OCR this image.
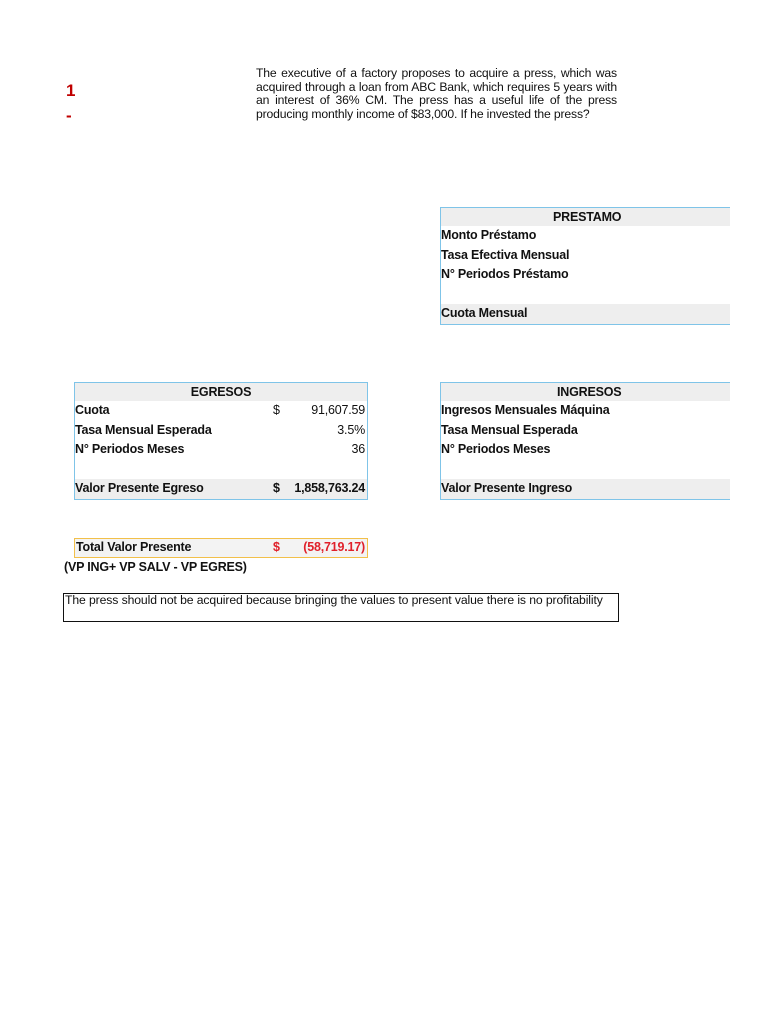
1
-
The executive of a factory proposes to acquire a press, which was acquired through a loan from ABC Bank, which requires 5 years with an interest of 36% CM. The press has a useful life of the press producing monthly income of $83,000. If he invested the press?
PRESTAMO
Monto Préstamo
Tasa Efectiva Mensual
N° Periodos Préstamo
Cuota Mensual
EGRESOS
Cuota	$	91,607.59
Tasa Mensual Esperada	3.5%
N° Periodos Meses	36
Valor Presente Egreso	$ 1,858,763.24
INGRESOS
Ingresos Mensuales Máquina
Tasa Mensual Esperada
N° Periodos Meses
Valor Presente Ingreso
Total Valor Presente	$ (58,719.17)
(VP ING+ VP SALV - VP EGRES)
The press should not be acquired because bringing the values to present value there is no profitability
